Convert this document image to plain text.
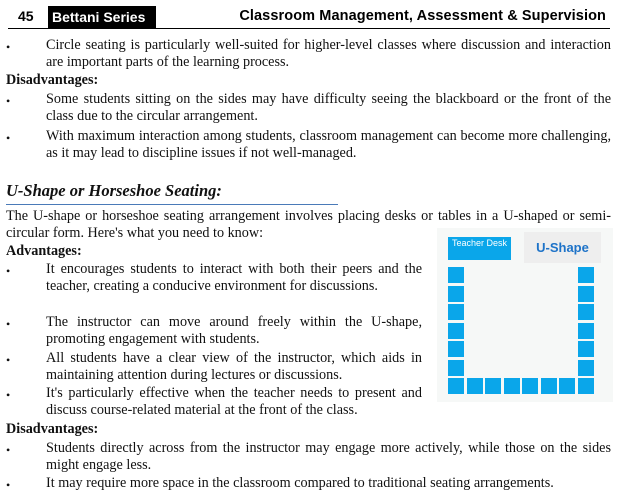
45 Bettani Series	Classroom Management, Assessment & Supervision
•	Circle seating is particularly well-suited for higher-level classes where discussion and interaction are important parts of the learning process.
Disadvantages:
•	Some students sitting on the sides may have difficulty seeing the blackboard or the front of the class due to the circular arrangement.
•	With maximum interaction among students, classroom management can become more challenging, as it may lead to discipline issues if not well-managed.
U-Shape or Horseshoe Seating:
The U-shape or horseshoe seating arrangement involves placing desks or tables in a U-shaped or semi-circular form. Here's what you need to know:
Advantages:
•	It encourages students to interact with both their peers and the teacher, creating a conducive environment for discussions.
•	The instructor can move around freely within the U-shape, promoting engagement with students.
•	All students have a clear view of the instructor, which aids in maintaining attention during lectures or discussions.
•	It's particularly effective when the teacher needs to present and discuss course-related material at the front of the class.
Disadvantages:
•	Students directly across from the instructor may engage more actively, while those on the sides might engage less.
•	It may require more space in the classroom compared to traditional seating arrangements.
Teacher Desk	U-Shape
